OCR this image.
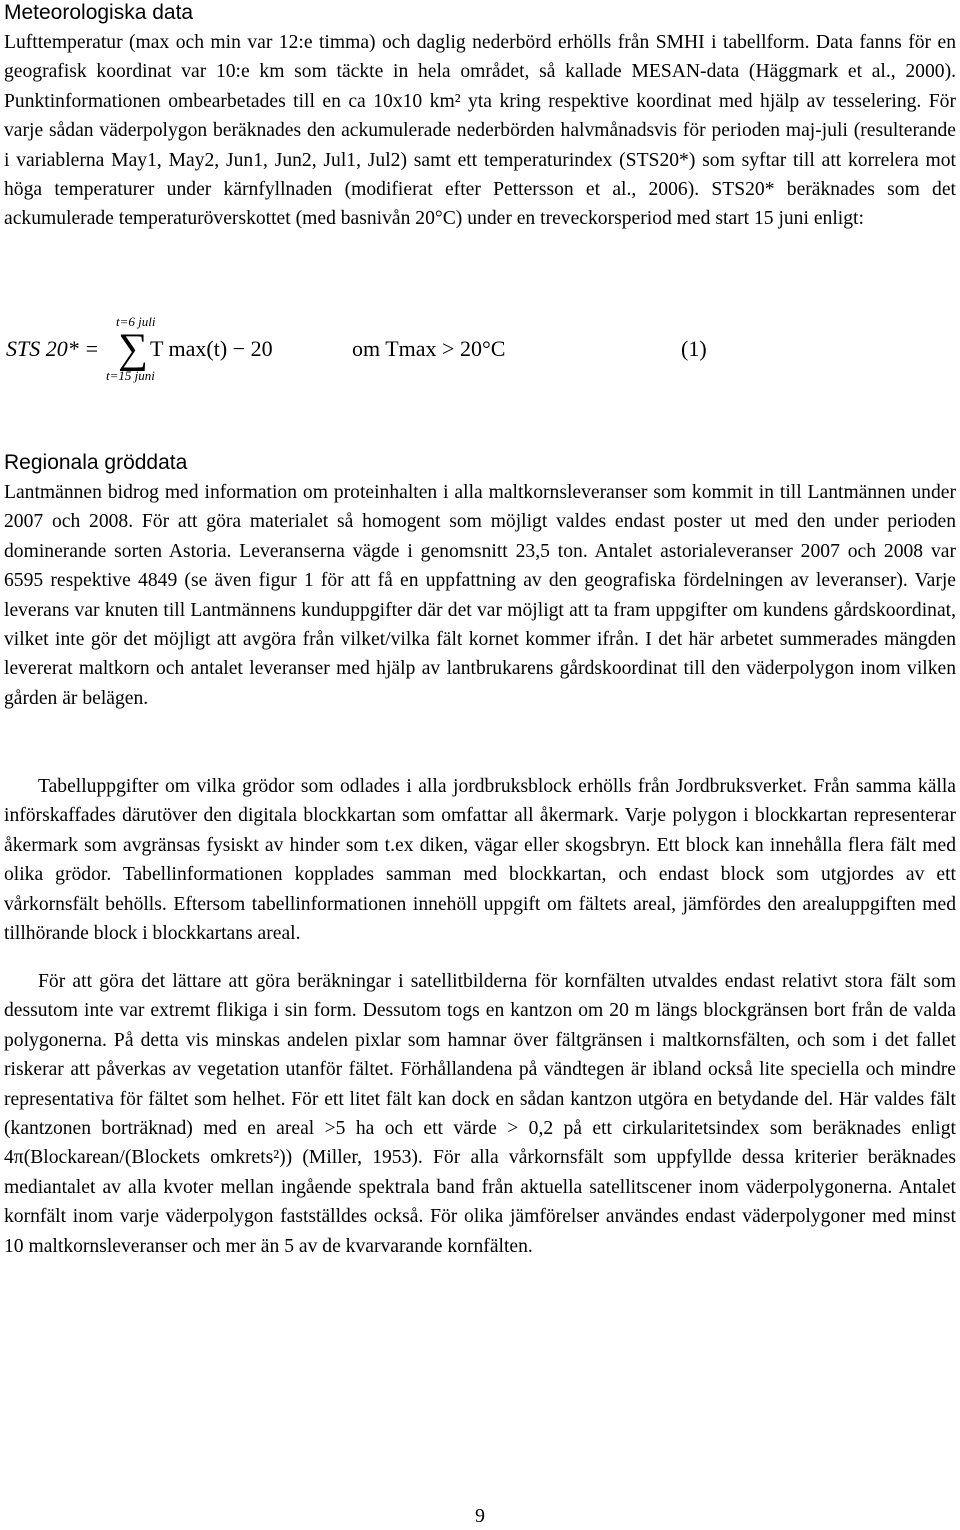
Meteorologiska data

Lufttemperatur (max och min var 12:e timma) och daglig nederbörd erhölls från SMHI i tabellform. Data fanns för en geografisk koordinat var 10:e km som täckte in hela området, så kallade MESAN-data (Häggmark et al., 2000). Punktinformationen ombearbetades till en ca 10x10 km² yta kring respektive koordinat med hjälp av tesselering. För varje sådan väderpolygon beräknades den ackumulerade nederbörden halvmånadsvis för perioden maj-juli (resulterande i variablerna May1, May2, Jun1, Jun2, Jul1, Jul2) samt ett temperaturindex (STS20*) som syftar till att korrelera mot höga temperaturer under kärnfyllnaden (modifierat efter Pettersson et al., 2006). STS20* beräknades som det ackumulerade temperaturöverskottet (med basnivån 20°C) under en treveckorsperiod med start 15 juni enligt:

STS 20* =
t=6 juli
∑
t=15 juni
T max(t) − 20	om Tmax > 20°C	(1)
Regionala gröddata

Lantmännen bidrog med information om proteinhalten i alla maltkornsleveranser som kommit in till Lantmännen under 2007 och 2008. För att göra materialet så homogent som möjligt valdes endast poster ut med den under perioden dominerande sorten Astoria. Leveranserna vägde i genomsnitt 23,5 ton. Antalet astorialeveranser 2007 och 2008 var 6595 respektive 4849 (se även figur 1 för att få en uppfattning av den geografiska fördelningen av leveranser). Varje leverans var knuten till Lantmännens kunduppgifter där det var möjligt att ta fram uppgifter om kundens gårdskoordinat, vilket inte gör det möjligt att avgöra från vilket/vilka fält kornet kommer ifrån. I det här arbetet summerades mängden levererat maltkorn och antalet leveranser med hjälp av lantbrukarens gårdskoordinat till den väderpolygon inom vilken gården är belägen.

Tabelluppgifter om vilka grödor som odlades i alla jordbruksblock erhölls från Jordbruksverket. Från samma källa införskaffades därutöver den digitala blockkartan som omfattar all åkermark. Varje polygon i blockkartan representerar åkermark som avgränsas fysiskt av hinder som t.ex diken, vägar eller skogsbryn. Ett block kan innehålla flera fält med olika grödor. Tabellinformationen kopplades samman med blockkartan, och endast block som utgjordes av ett vårkornsfält behölls. Eftersom tabellinformationen innehöll uppgift om fältets areal, jämfördes den arealuppgiften med tillhörande block i blockkartans areal.

För att göra det lättare att göra beräkningar i satellitbilderna för kornfälten utvaldes endast relativt stora fält som dessutom inte var extremt flikiga i sin form. Dessutom togs en kantzon om 20 m längs blockgränsen bort från de valda polygonerna. På detta vis minskas andelen pixlar som hamnar över fältgränsen i maltkornsfälten, och som i det fallet riskerar att påverkas av vegetation utanför fältet. Förhållandena på vändtegen är ibland också lite speciella och mindre representativa för fältet som helhet. För ett litet fält kan dock en sådan kantzon utgöra en betydande del. Här valdes fält (kantzonen borträknad) med en areal >5 ha och ett värde > 0,2 på ett cirkularitetsindex som beräknades enligt 4π(Blockarean/(Blockets omkrets²)) (Miller, 1953). För alla vårkornsfält som uppfyllde dessa kriterier beräknades mediantalet av alla kvoter mellan ingående spektrala band från aktuella satellitscener inom väderpolygonerna. Antalet kornfält inom varje väderpolygon fastställdes också. För olika jämförelser användes endast väderpolygoner med minst 10 maltkornsleveranser och mer än 5 av de kvarvarande kornfälten.

9
